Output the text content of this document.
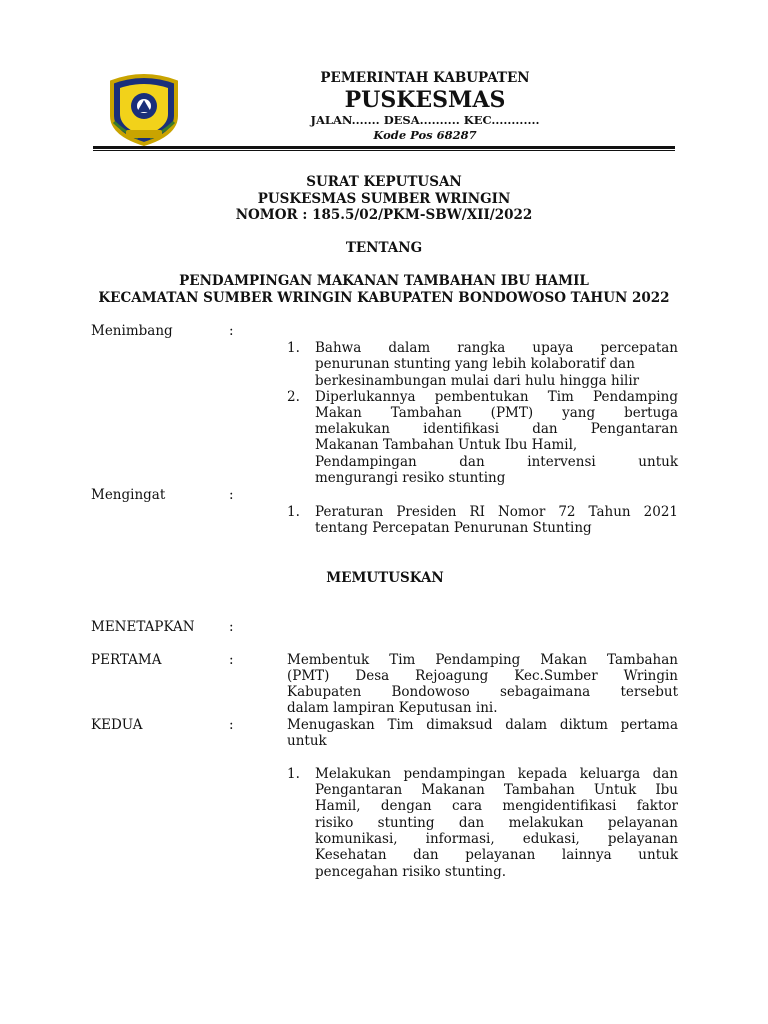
PEMERINTAH KABUPATEN
PUSKESMAS
JALAN....... DESA.......... KEC............
Kode Pos 68287
SURAT KEPUTUSAN
PUSKESMAS SUMBER WRINGIN
NOMOR : 185.5/02/PKM-SBW/XII/2022
TENTANG
PENDAMPINGAN MAKANAN TAMBAHAN IBU HAMIL
KECAMATAN SUMBER WRINGIN KABUPATEN BONDOWOSO TAHUN 2022
Menimbang	:
1. Bahwa dalam rangka upaya percepatan
penurunan stunting yang lebih kolaboratif dan
berkesinambungan mulai dari hulu hingga hilir
2. Diperlukannya pembentukan Tim Pendamping
Makan Tambahan (PMT) yang bertuga
melakukan identifikasi dan Pengantaran
Makanan Tambahan Untuk Ibu Hamil,
Pendampingan dan intervensi untuk
mengurangi resiko stunting
Mengingat	:
1. Peraturan Presiden RI Nomor 72 Tahun 2021
tentang Percepatan Penurunan Stunting
MEMUTUSKAN
MENETAPKAN	:
PERTAMA	:	Membentuk Tim Pendamping Makan Tambahan
(PMT) Desa Rejoagung Kec.Sumber Wringin
Kabupaten Bondowoso sebagaimana tersebut
dalam lampiran Keputusan ini.
KEDUA	:	Menugaskan Tim dimaksud dalam diktum pertama
untuk
1. Melakukan pendampingan kepada keluarga dan
Pengantaran Makanan Tambahan Untuk Ibu
Hamil, dengan cara mengidentifikasi faktor
risiko stunting dan melakukan pelayanan
komunikasi, informasi, edukasi, pelayanan
Kesehatan dan pelayanan lainnya untuk
pencegahan risiko stunting.
